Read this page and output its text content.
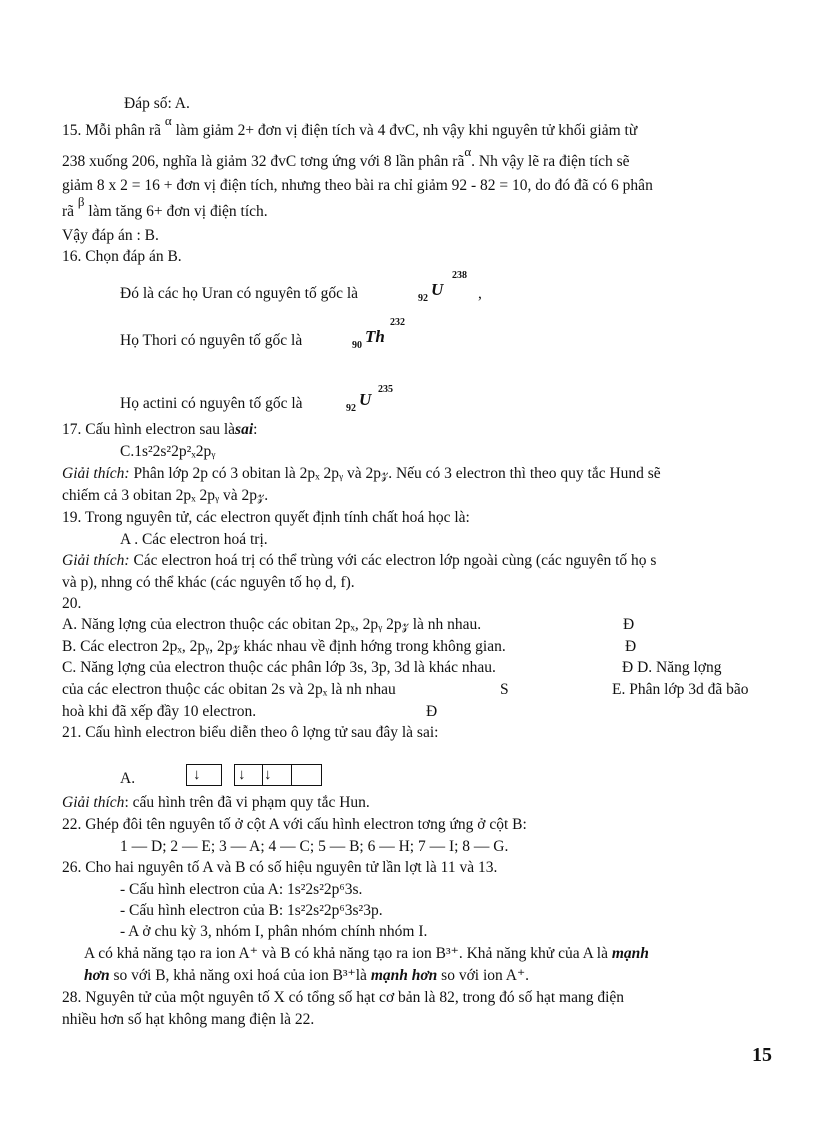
Đáp số: A.
15. Mỗi phân rã $^\alpha$ làm giảm 2+ đơn vị điện tích và 4 đvC, nh vậy khi nguyên tử khối giảm từ
238 xuống 206, nghĩa là giảm 32 đvC tơng ứng với 8 lần phân $rã^\alpha$. Nh vậy lẽ ra điện tích sẽ
giảm 8 x 2 = 16 + đơn vị điện tích, nhưng theo bài ra chỉ giảm 92 - 82 = 10, do đó đã có 6 phân
rã $^\beta$ làm tăng 6+ đơn vị điện tích.
Vậy đáp án : B.
16. Chọn đáp án B.
Đó là các họ Uran có nguyên tố gốc là	92 U
238
,
Họ Thori có nguyên tố gốc là	90 Th
232
Họ actini có nguyên tố gốc là	92 U
235
17. Cấu hình electron sau làsai:
C.1s²2s²2p²ₓ2pᵧ
Giải thích: Phân lớp 2p có 3 obitan là 2pₓ 2pᵧ và 2p𝓏. Nếu có 3 electron thì theo quy tắc Hund sẽ
chiếm cả 3 obitan 2pₓ 2pᵧ và 2p𝓏.
19. Trong nguyên tử, các electron quyết định tính chất hoá học là:
A . Các electron hoá trị.
Giải thích: Các electron hoá trị có thể trùng với các electron lớp ngoài cùng (các nguyên tố họ s
và p), nhng có thể khác (các nguyên tố họ d, f).
20.
A. Năng lợng của electron thuộc các obitan 2pₓ, 2pᵧ 2p𝓏 là nh nhau.	Đ
B. Các electron 2pₓ, 2pᵧ, 2p𝓏 khác nhau về định hớng trong không gian.	Đ
C. Năng lợng của electron thuộc các phân lớp 3s, 3p, 3d là khác nhau.	Đ D. Năng lợng
của các electron thuộc các obitan 2s và 2pₓ là nh nhau	S	E. Phân lớp 3d đã bão
hoà khi đã xếp đầy 10 electron.	Đ
21. Cấu hình electron biểu diễn theo ô lợng tử sau đây là sai:
A.	↓	↓ ↓
Giải thích: cấu hình trên đã vi phạm quy tắc Hun.
22. Ghép đôi tên nguyên tố ở cột A với cấu hình electron tơng ứng ở cột B:
1 — D; 2 — E; 3 — A; 4 — C; 5 — B; 6 — H; 7 — I; 8 — G.
26. Cho hai nguyên tố A và B có số hiệu nguyên tử lần lợt là 11 và 13.
- Cấu hình electron của A: 1s²2s²2p⁶3s.
- Cấu hình electron của B: 1s²2s²2p⁶3s²3p.
- A ở chu kỳ 3, nhóm I, phân nhóm chính nhóm I.
A có khả năng tạo ra ion A⁺ và B có khả năng tạo ra ion B³⁺. Khả năng khử của A là mạnh
hơn so với B, khả năng oxi hoá của ion B³⁺là mạnh hơn so với ion A⁺.
28. Nguyên tử của một nguyên tố X có tổng số hạt cơ bản là 82, trong đó số hạt mang điện
nhiều hơn số hạt không mang điện là 22.
15
